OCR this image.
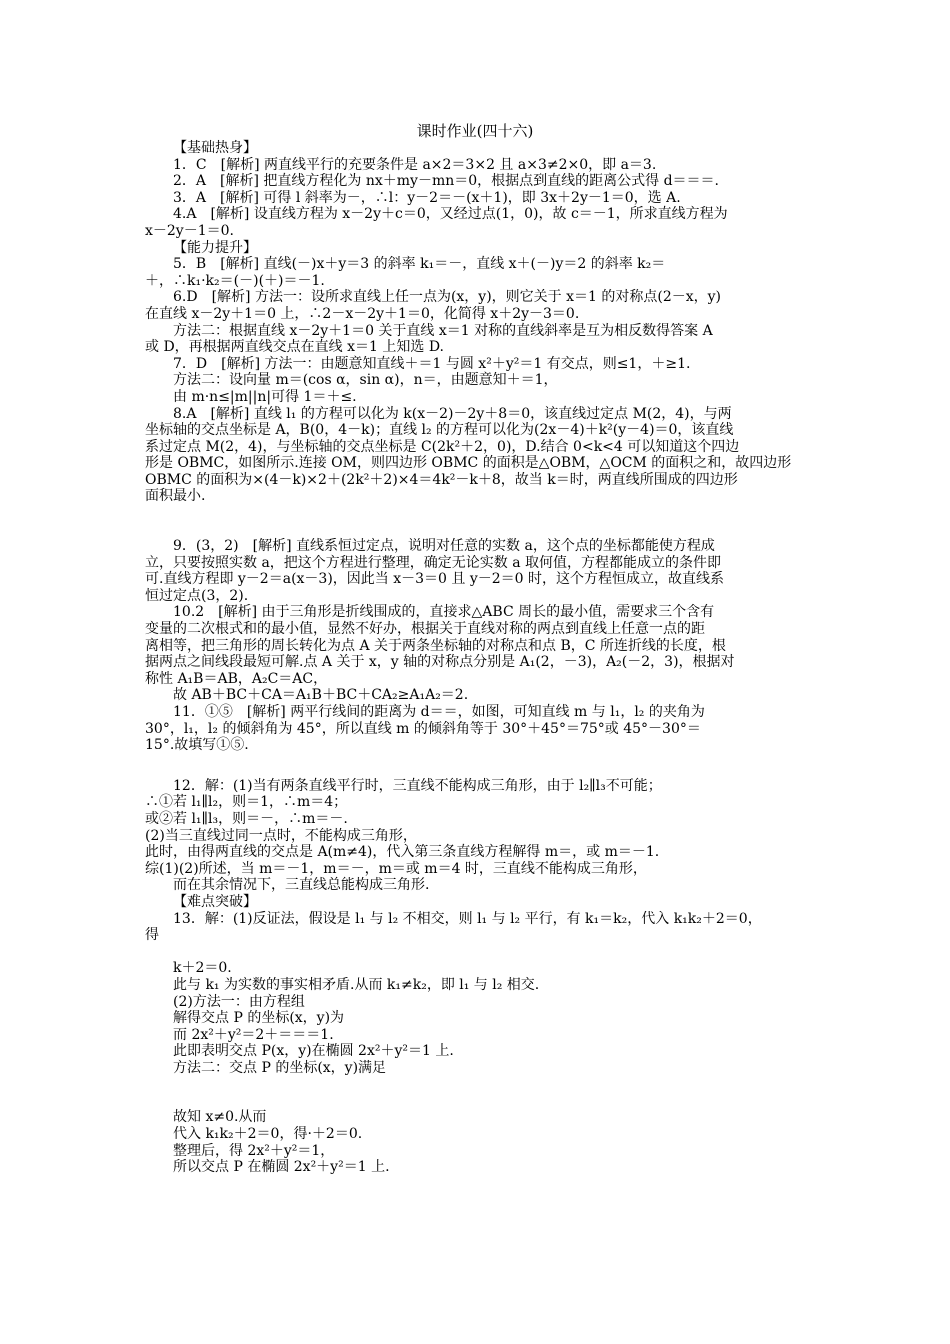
课时作业(四十六)

【基础热身】

1．C　[解析] 两直线平行的充要条件是 a×2＝3×2 且 a×3≠2×0，即 a＝3.

2．A　[解析] 把直线方程化为 nx＋my－mn＝0，根据点到直线的距离公式得 d＝＝＝.

3．A　[解析] 可得 l 斜率为－，∴l：y－2＝－(x＋1)，即 3x＋2y－1＝0，选 A.

4.A　[解析] 设直线方程为 x－2y＋c＝0，又经过点(1，0)，故 c＝－1，所求直线方程为

x－2y－1＝0.

【能力提升】

5．B　[解析] 直线(－)x＋y＝3 的斜率 k₁＝－，直线 x＋(－)y＝2 的斜率 k₂＝

＋，∴k₁·k₂＝(－)(＋)＝－1.

6.D　[解析] 方法一：设所求直线上任一点为(x，y)，则它关于 x＝1 的对称点(2－x，y)

在直线 x－2y＋1＝0 上，∴2－x－2y＋1＝0，化简得 x＋2y－3＝0.

方法二：根据直线 x－2y＋1＝0 关于直线 x＝1 对称的直线斜率是互为相反数得答案 A

或 D，再根据两直线交点在直线 x＝1 上知选 D.

7．D　[解析] 方法一：由题意知直线＋＝1 与圆 x²＋y²＝1 有交点，则≤1，＋≥1.

方法二：设向量 m＝(cos α，sin α)，n＝，由题意知＋＝1，

由 m·n≤|m||n|可得 1＝＋≤.

8.A　[解析] 直线 l₁ 的方程可以化为 k(x－2)－2y＋8＝0，该直线过定点 M(2，4)，与两

坐标轴的交点坐标是 A，B(0，4－k)；直线 l₂ 的方程可以化为(2x－4)＋k²(y－4)＝0，该直线

系过定点 M(2，4)，与坐标轴的交点坐标是 C(2k²＋2，0)，D.结合 0<k<4 可以知道这个四边

形是 OBMC，如图所示.连接 OM，则四边形 OBMC 的面积是△OBM，△OCM 的面积之和，故四边形

OBMC 的面积为×(4－k)×2＋(2k²＋2)×4＝4k²－k＋8，故当 k＝时，两直线所围成的四边形

面积最小.

9．(3，2)　[解析] 直线系恒过定点，说明对任意的实数 a，这个点的坐标都能使方程成

立，只要按照实数 a，把这个方程进行整理，确定无论实数 a 取何值，方程都能成立的条件即

可.直线方程即 y－2＝a(x－3)，因此当 x－3＝0 且 y－2＝0 时，这个方程恒成立，故直线系

恒过定点(3，2).

10.2　[解析] 由于三角形是折线围成的，直接求△ABC 周长的最小值，需要求三个含有

变量的二次根式和的最小值，显然不好办，根据关于直线对称的两点到直线上任意一点的距

离相等，把三角形的周长转化为点 A 关于两条坐标轴的对称点和点 B，C 所连折线的长度，根

据两点之间线段最短可解.点 A 关于 x，y 轴的对称点分别是 A₁(2，－3)，A₂(－2，3)，根据对

称性 A₁B＝AB，A₂C＝AC，

故 AB＋BC＋CA＝A₁B＋BC＋CA₂≥A₁A₂＝2.

11．①⑤　[解析] 两平行线间的距离为 d＝＝，如图，可知直线 m 与 l₁，l₂ 的夹角为

30°，l₁，l₂ 的倾斜角为 45°，所以直线 m 的倾斜角等于 30°＋45°＝75°或 45°－30°＝

15°.故填写①⑤.

12．解：(1)当有两条直线平行时，三直线不能构成三角形，由于 l₂∥l₃不可能；

∴①若 l₁∥l₂，则＝1，∴m＝4；

或②若 l₁∥l₃，则＝－，∴m＝－.

(2)当三直线过同一点时，不能构成三角形，

此时，由得两直线的交点是 A(m≠4)，代入第三条直线方程解得 m＝，或 m＝－1.

综(1)(2)所述，当 m＝－1，m＝－，m＝或 m＝4 时，三直线不能构成三角形，

而在其余情况下，三直线总能构成三角形.

【难点突破】

13．解：(1)反证法，假设是 l₁ 与 l₂ 不相交，则 l₁ 与 l₂ 平行，有 k₁＝k₂，代入 k₁k₂＋2＝0，

得

k＋2＝0.

此与 k₁ 为实数的事实相矛盾.从而 k₁≠k₂，即 l₁ 与 l₂ 相交.

(2)方法一：由方程组

解得交点 P 的坐标(x，y)为

而 2x²＋y²＝2＋＝＝＝1.

此即表明交点 P(x，y)在椭圆 2x²＋y²＝1 上.

方法二：交点 P 的坐标(x，y)满足

故知 x≠0.从而

代入 k₁k₂＋2＝0，得·＋2＝0.

整理后，得 2x²＋y²＝1，

所以交点 P 在椭圆 2x²＋y²＝1 上.
